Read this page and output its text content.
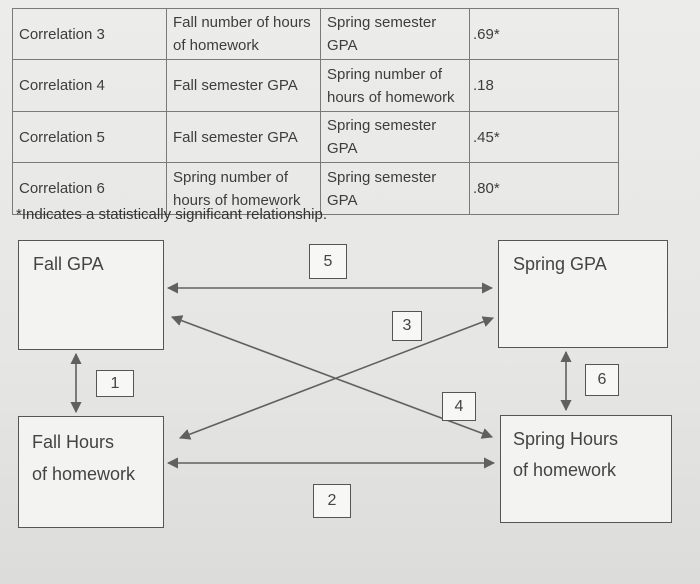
Correlation 3	Fall number of hours
of homework	Spring semester GPA	.69*
Correlation 4	Fall semester GPA	Spring number of
hours of homework	.18
Correlation 5	Fall semester GPA	Spring semester GPA	.45*
Correlation 6	Spring number of
hours of homework	Spring semester GPA	.80*
*Indicates a statistically significant relationship.
Fall GPA	Spring GPA
Fall Hours
of homework
Spring Hours
of homework
1
2
3
4
5
6
